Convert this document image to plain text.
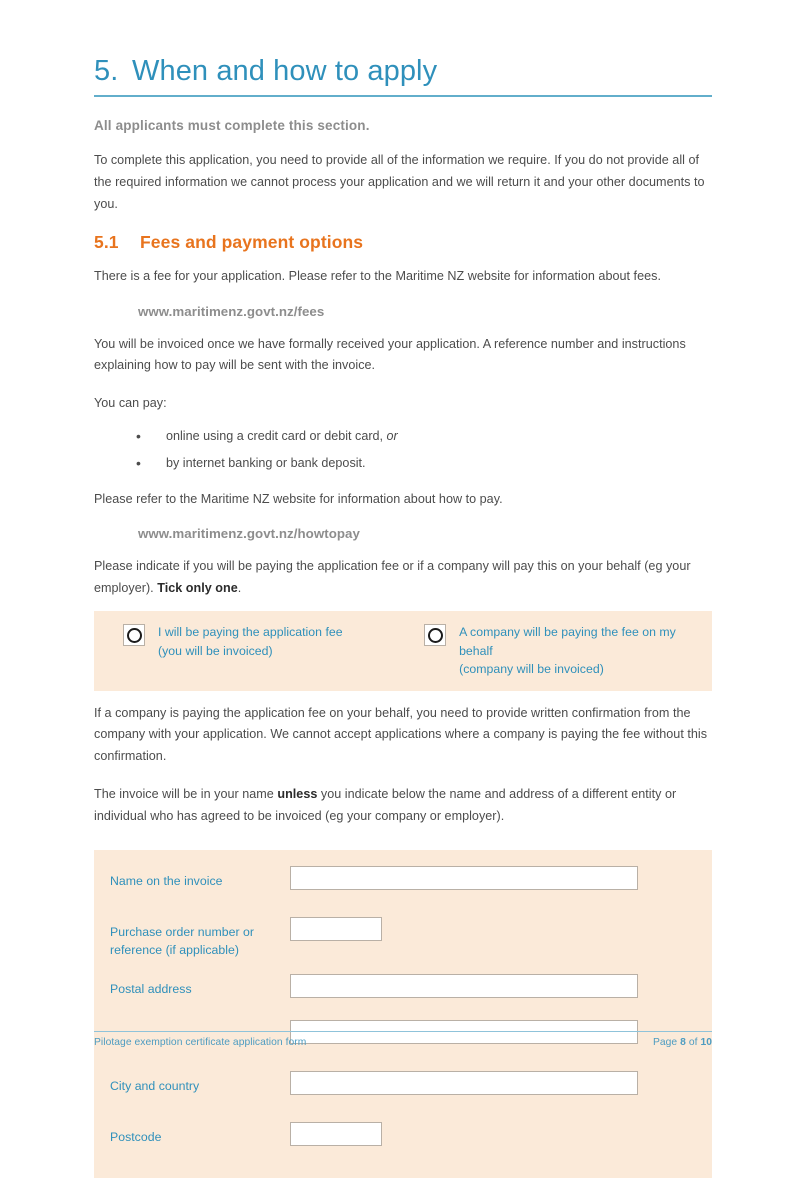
5. When and how to apply

All applicants must complete this section.

To complete this application, you need to provide all of the information we require. If you do not provide all of the required information we cannot process your application and we will return it and your other documents to you.

5.1 Fees and payment options

There is a fee for your application. Please refer to the Maritime NZ website for information about fees.

www.maritimenz.govt.nz/fees

You will be invoiced once we have formally received your application. A reference number and instructions explaining how to pay will be sent with the invoice.

You can pay:

• online using a credit card or debit card, or
• by internet banking or bank deposit.

Please refer to the Maritime NZ website for information about how to pay.

www.maritimenz.govt.nz/howtopay

Please indicate if you will be paying the application fee or if a company will pay this on your behalf (eg your employer). Tick only one.

I will be paying the application fee
(you will be invoiced)
A company will be paying the fee on my behalf
(company will be invoiced)

If a company is paying the application fee on your behalf, you need to provide written confirmation from the company with your application. We cannot accept applications where a company is paying the fee without this confirmation.

The invoice will be in your name unless you indicate below the name and address of a different entity or individual who has agreed to be invoiced (eg your company or employer).

Name on the invoice
Purchase order number or
reference (if applicable)
Postal address
City and country
Postcode
Pilotage exemption certificate application form	Page 8 of 10
